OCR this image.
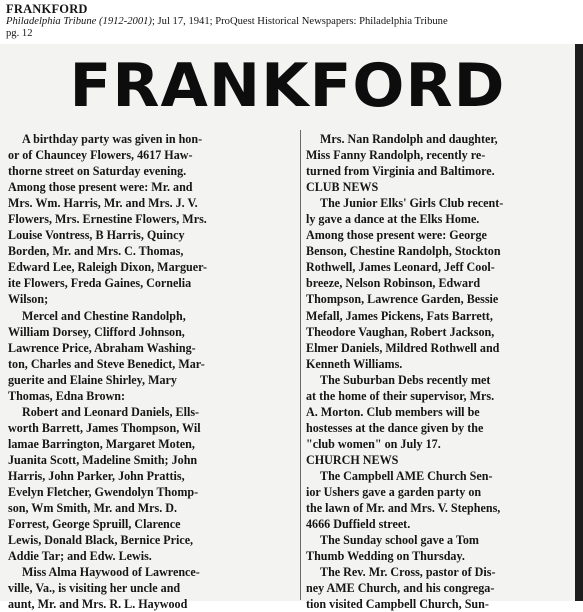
FRANKFORD
Philadelphia Tribune (1912-2001); Jul 17, 1941; ProQuest Historical Newspapers: Philadelphia Tribune
pg. 12
FRANKFORD
A birthday party was given in hon-
or of Chauncey Flowers, 4617 Haw-
thorne street on Saturday evening.
Among those present were: Mr. and
Mrs. Wm. Harris, Mr. and Mrs. J. V.
Flowers, Mrs. Ernestine Flowers, Mrs.
Louise Vontress, B Harris, Quincy
Borden, Mr. and Mrs. C. Thomas,
Edward Lee, Raleigh Dixon, Marguer-
ite Flowers, Freda Gaines, Cornelia
Wilson;
Mercel and Chestine Randolph,
William Dorsey, Clifford Johnson,
Lawrence Price, Abraham Washing-
ton, Charles and Steve Benedict, Mar-
guerite and Elaine Shirley, Mary
Thomas, Edna Brown:
Robert and Leonard Daniels, Ells-
worth Barrett, James Thompson, Wil
lamae Barrington, Margaret Moten,
Juanita Scott, Madeline Smith; John
Harris, John Parker, John Prattis,
Evelyn Fletcher, Gwendolyn Thomp-
son, Wm Smith, Mr. and Mrs. D.
Forrest, George Spruill, Clarence
Lewis, Donald Black, Bernice Price,
Addie Tar; and Edw. Lewis.
Miss Alma Haywood of Lawrence-
ville, Va., is visiting her uncle and
aunt, Mr. and Mrs. R. L. Haywood
Mrs. Nan Randolph and daughter,
Miss Fanny Randolph, recently re-
turned from Virginia and Baltimore.
CLUB NEWS
The Junior Elks' Girls Club recent-
ly gave a dance at the Elks Home.
Among those present were: George
Benson, Chestine Randolph, Stockton
Rothwell, James Leonard, Jeff Cool-
breeze, Nelson Robinson, Edward
Thompson, Lawrence Garden, Bessie
Mefall, James Pickens, Fats Barrett,
Theodore Vaughan, Robert Jackson,
Elmer Daniels, Mildred Rothwell and
Kenneth Williams.
The Suburban Debs recently met
at the home of their supervisor, Mrs.
A. Morton. Club members will be
hostesses at the dance given by the
"club women" on July 17.
CHURCH NEWS
The Campbell AME Church Sen-
ior Ushers gave a garden party on
the lawn of Mr. and Mrs. V. Stephens,
4666 Duffield street.
The Sunday school gave a Tom
Thumb Wedding on Thursday.
The Rev. Mr. Cross, pastor of Dis-
ney AME Church, and his congrega-
tion visited Campbell Church, Sun-
